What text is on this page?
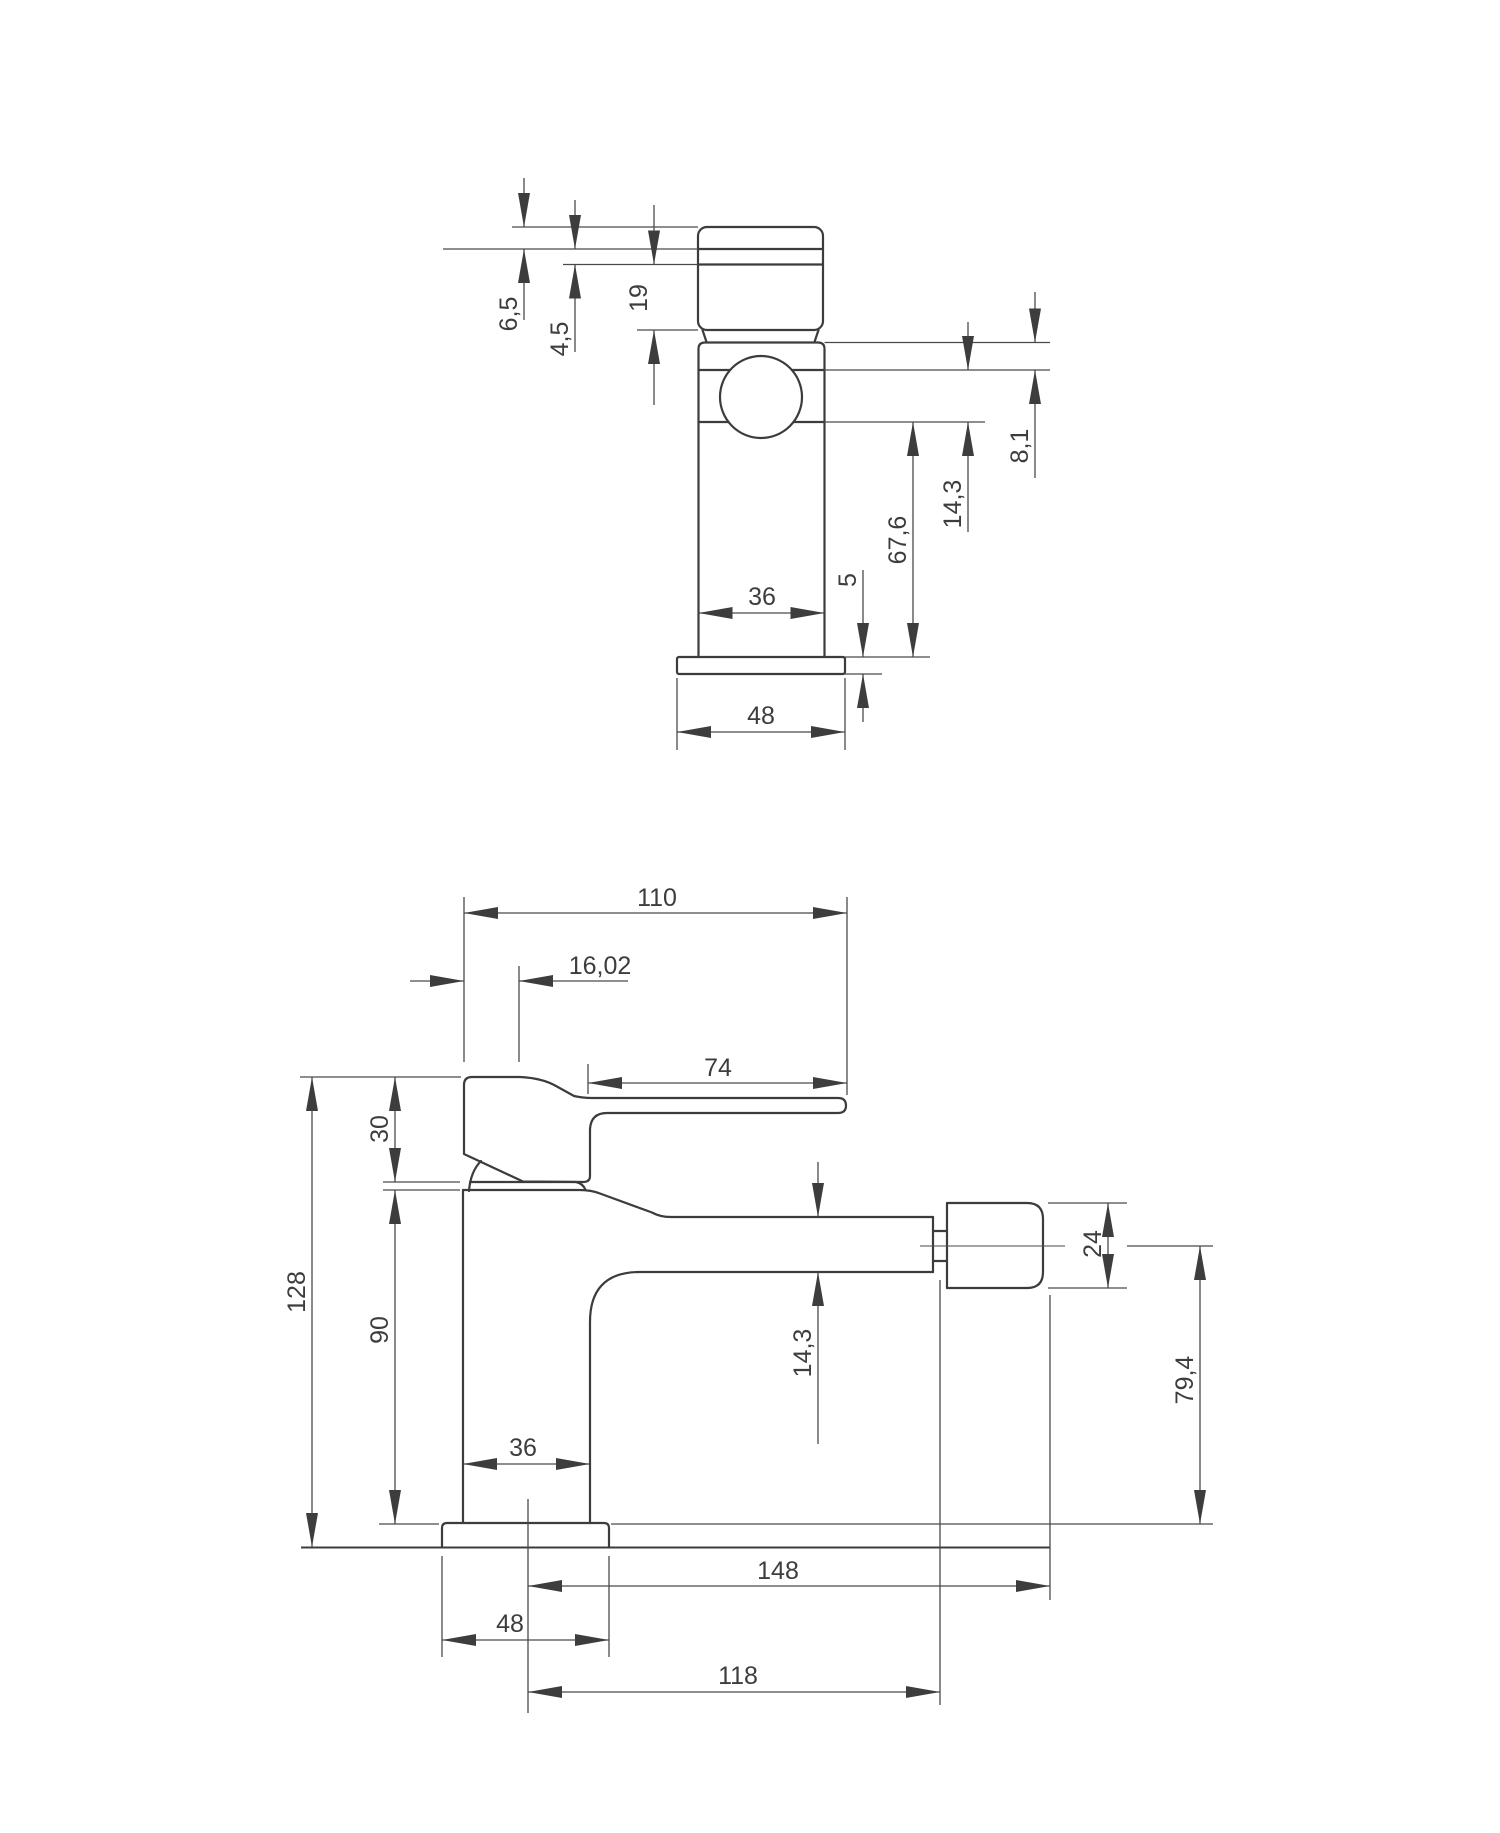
6,5
4,5
19
8,1
14,3
67,6
5
36
48
110
16,02
74
30
128
90
36
14,3
24
79,4
148
48
118
